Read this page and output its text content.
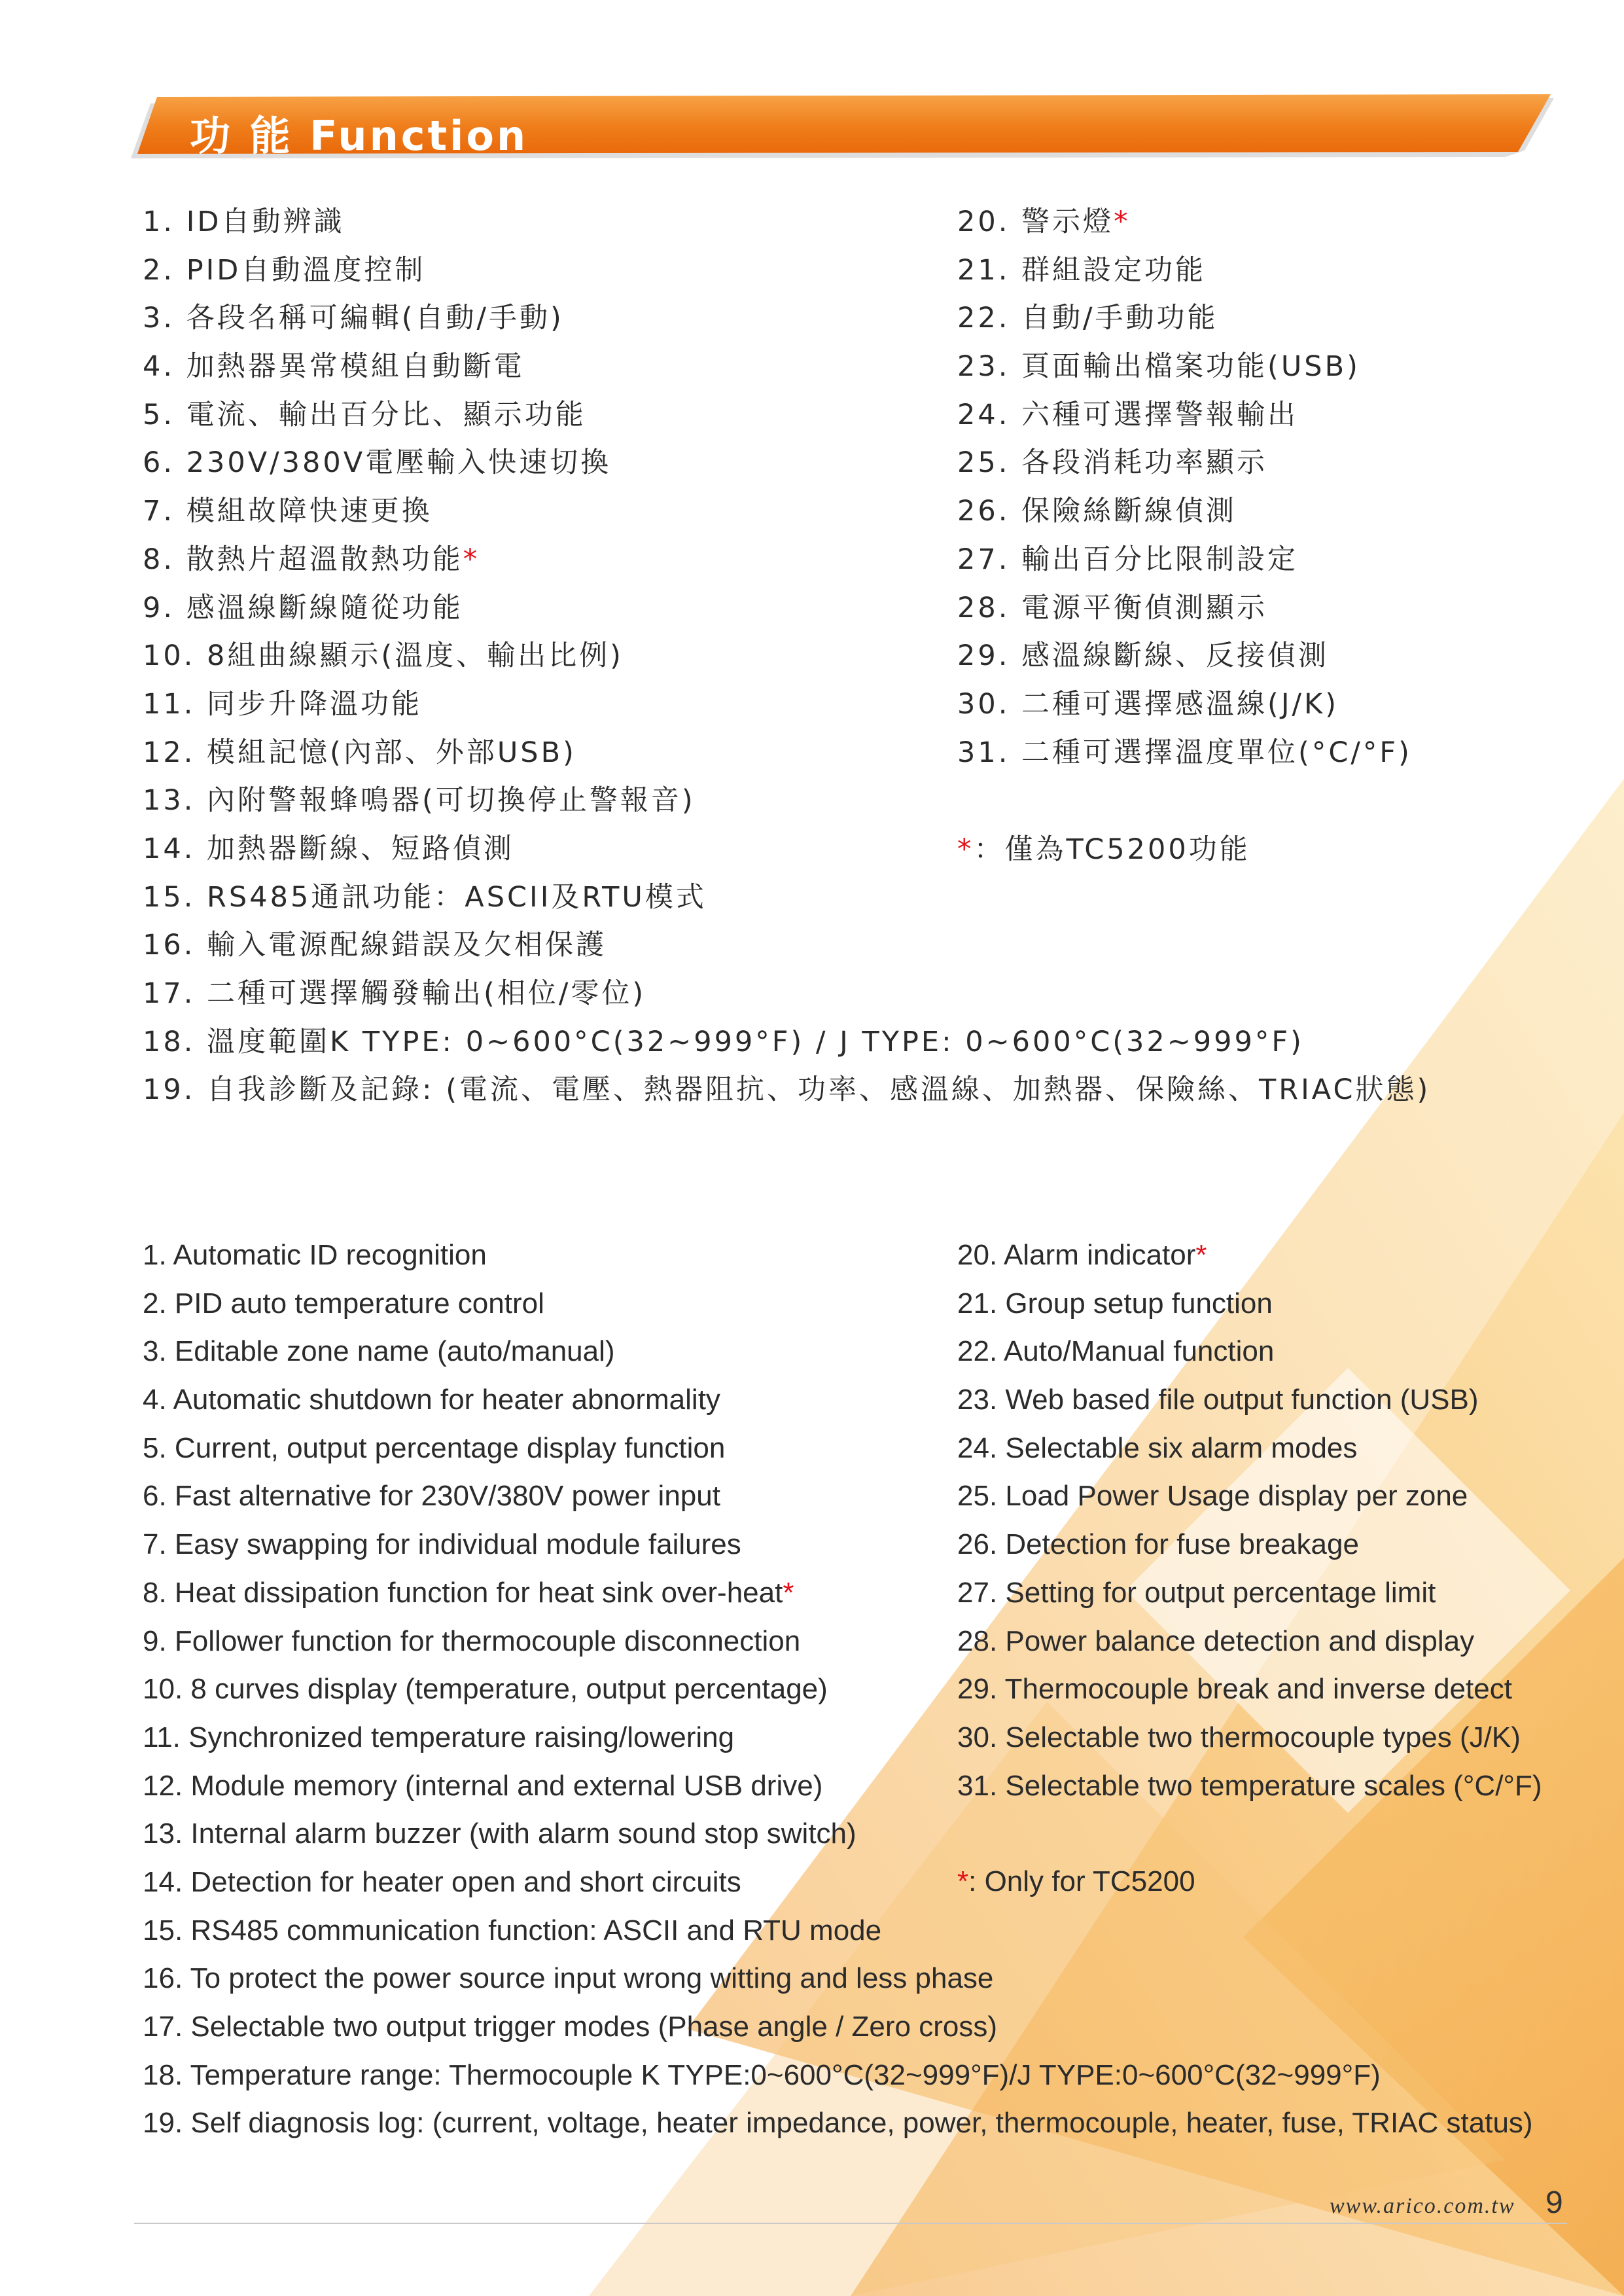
功 能 Function
1. ID自動辨識
2. PID自動溫度控制
3. 各段名稱可編輯(自動/手動)
4. 加熱器異常模組自動斷電
5. 電流、輸出百分比、顯示功能
6. 230V/380V電壓輸入快速切換
7. 模組故障快速更換
8. 散熱片超溫散熱功能*
9. 感溫線斷線隨從功能
10. 8組曲線顯示(溫度、輸出比例)
11. 同步升降溫功能
12. 模組記憶(內部、外部USB)
13. 內附警報蜂鳴器(可切換停止警報音)
14. 加熱器斷線、短路偵測
15. RS485通訊功能：ASCII及RTU模式
16. 輸入電源配線錯誤及欠相保護
17. 二種可選擇觸發輸出(相位/零位)
18. 溫度範圍K TYPE: 0~600°C(32~999°F) / J TYPE: 0~600°C(32~999°F)
19. 自我診斷及記錄: (電流、電壓、熱器阻抗、功率、感溫線、加熱器、保險絲、TRIAC狀態)
20. 警示燈*
21. 群組設定功能
22. 自動/手動功能
23. 頁面輸出檔案功能(USB)
24. 六種可選擇警報輸出
25. 各段消耗功率顯示
26. 保險絲斷線偵測
27. 輸出百分比限制設定
28. 電源平衡偵測顯示
29. 感溫線斷線、反接偵測
30. 二種可選擇感溫線(J/K)
31. 二種可選擇溫度單位(°C/°F)
*：僅為TC5200功能
1. Automatic ID recognition
2. PID auto temperature control
3. Editable zone name (auto/manual)
4. Automatic shutdown for heater abnormality
5. Current, output percentage display function
6. Fast alternative for 230V/380V power input
7. Easy swapping for individual module failures
8. Heat dissipation function for heat sink over-heat*
9. Follower function for thermocouple disconnection
10. 8 curves display (temperature, output percentage)
11. Synchronized temperature raising/lowering
12. Module memory (internal and external USB drive)
13. Internal alarm buzzer (with alarm sound stop switch)
14. Detection for heater open and short circuits
15. RS485 communication function: ASCII and RTU mode
16. To protect the power source input wrong witting and less phase
17. Selectable two output trigger modes (Phase angle / Zero cross)
18. Temperature range: Thermocouple K TYPE:0~600°C(32~999°F)/J TYPE:0~600°C(32~999°F)
19. Self diagnosis log: (current, voltage, heater impedance, power, thermocouple, heater, fuse, TRIAC status)
20. Alarm indicator*
21. Group setup function
22. Auto/Manual function
23. Web based file output function (USB)
24. Selectable six alarm modes
25. Load Power Usage display per zone
26. Detection for fuse breakage
27. Setting for output percentage limit
28. Power balance detection and display
29. Thermocouple break and inverse detect
30. Selectable two thermocouple types (J/K)
31. Selectable two temperature scales (°C/°F)
*: Only for TC5200
www.arico.com.tw 9
